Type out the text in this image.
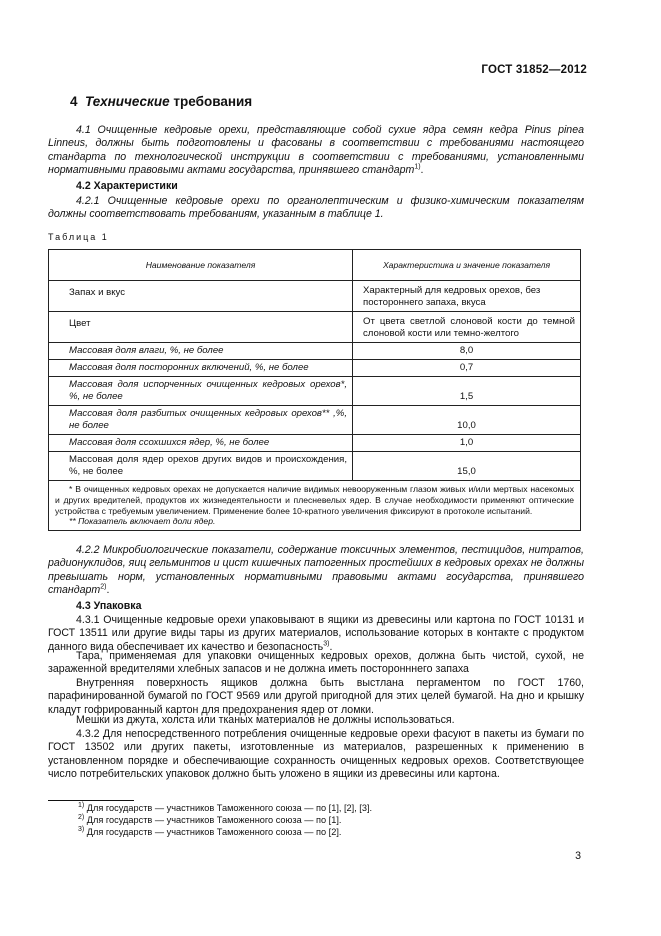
ГОСТ 31852—2012
4 Технические требования
4.1 Очищенные кедровые орехи, представляющие собой сухие ядра семян кедра Pinus pinea Linneus, должны быть подготовлены и фасованы в соответствии с требованиями настоящего стандарта по технологической инструкции в соответствии с требованиями, установленными нормативными правовыми актами государства, принявшего стандарт$^{1)}$.
4.2 Характеристики
4.2.1 Очищенные кедровые орехи по органолептическим и физико-химическим показателям должны соответствовать требованиям, указанным в таблице 1.
Таблица 1
Наименование показателя	Характеристика и значение показателя
Запах и вкус	Характерный для кедровых орехов, без постороннего запаха, вкуса
Цвет	От цвета светлой слоновой кости до темной слоновой кости или темно-желтого
Массовая доля влаги, %, не более	8,0
Массовая доля посторонних включений, %, не более	0,7
Массовая доля испорченных очищенных кедровых орехов*, %, не более	1,5
Массовая доля разбитых очищенных кедровых орехов** ,%, не более	10,0
Массовая доля ссохшихся ядер, %, не более	1,0
Массовая доля ядер орехов других видов и происхождения, %, не более	15,0

* В очищенных кедровых орехах не допускается наличие видимых невооруженным глазом живых и/или мертвых насекомых и других вредителей, продуктов их жизнедеятельности и плесневелых ядер. В случае необходимости применяют оптические устройства с требуемым увеличением. Применение более 10-кратного увеличения фиксируют в протоколе испытаний.
** Показатель включает доли ядер.	
4.2.2 Микробиологические показатели, содержание токсичных элементов, пестицидов, нитратов, радионуклидов, яиц гельминтов и цист кишечных патогенных простейших в кедровых орехах не должны превышать норм, установленных нормативными правовыми актами государства, принявшего стандарт$^{2)}$.
4.3 Упаковка
4.3.1 Очищенные кедровые орехи упаковывают в ящики из древесины или картона по ГОСТ 10131 и ГОСТ 13511 или другие виды тары из других материалов, использование которых в контакте с продуктом данного вида обеспечивает их качество и безопасность$^{3)}$.
Тара, применяемая для упаковки очищенных кедровых орехов, должна быть чистой, сухой, не зараженной вредителями хлебных запасов и не должна иметь посторонннего запаха
Внутренняя поверхность ящиков должна быть выстлана пергаментом по ГОСТ 1760, парафинированной бумагой по ГОСТ 9569 или другой пригодной для этих целей бумагой. На дно и крышку кладут гофрированный картон для предохранения ядер от ломки.
Мешки из джута, холста или тканых материалов не должны использоваться.
4.3.2 Для непосредственного потребления очищенные кедровые орехи фасуют в пакеты из бумаги по ГОСТ 13502 или других пакеты, изготовленные из материалов, разрешенных к применению в установленном порядке и обеспечивающие сохранность очищенных кедровых орехов. Соответствующее число потребительских упаковок должно быть уложено в ящики из древесины или картона.
$^{1)}$ Для государств — участников Таможенного союза — по [1], [2], [3].
$^{2)}$ Для государств — участников Таможенного союза — по [1].
$^{3)}$ Для государств — участников Таможенного союза — по [2].
3
